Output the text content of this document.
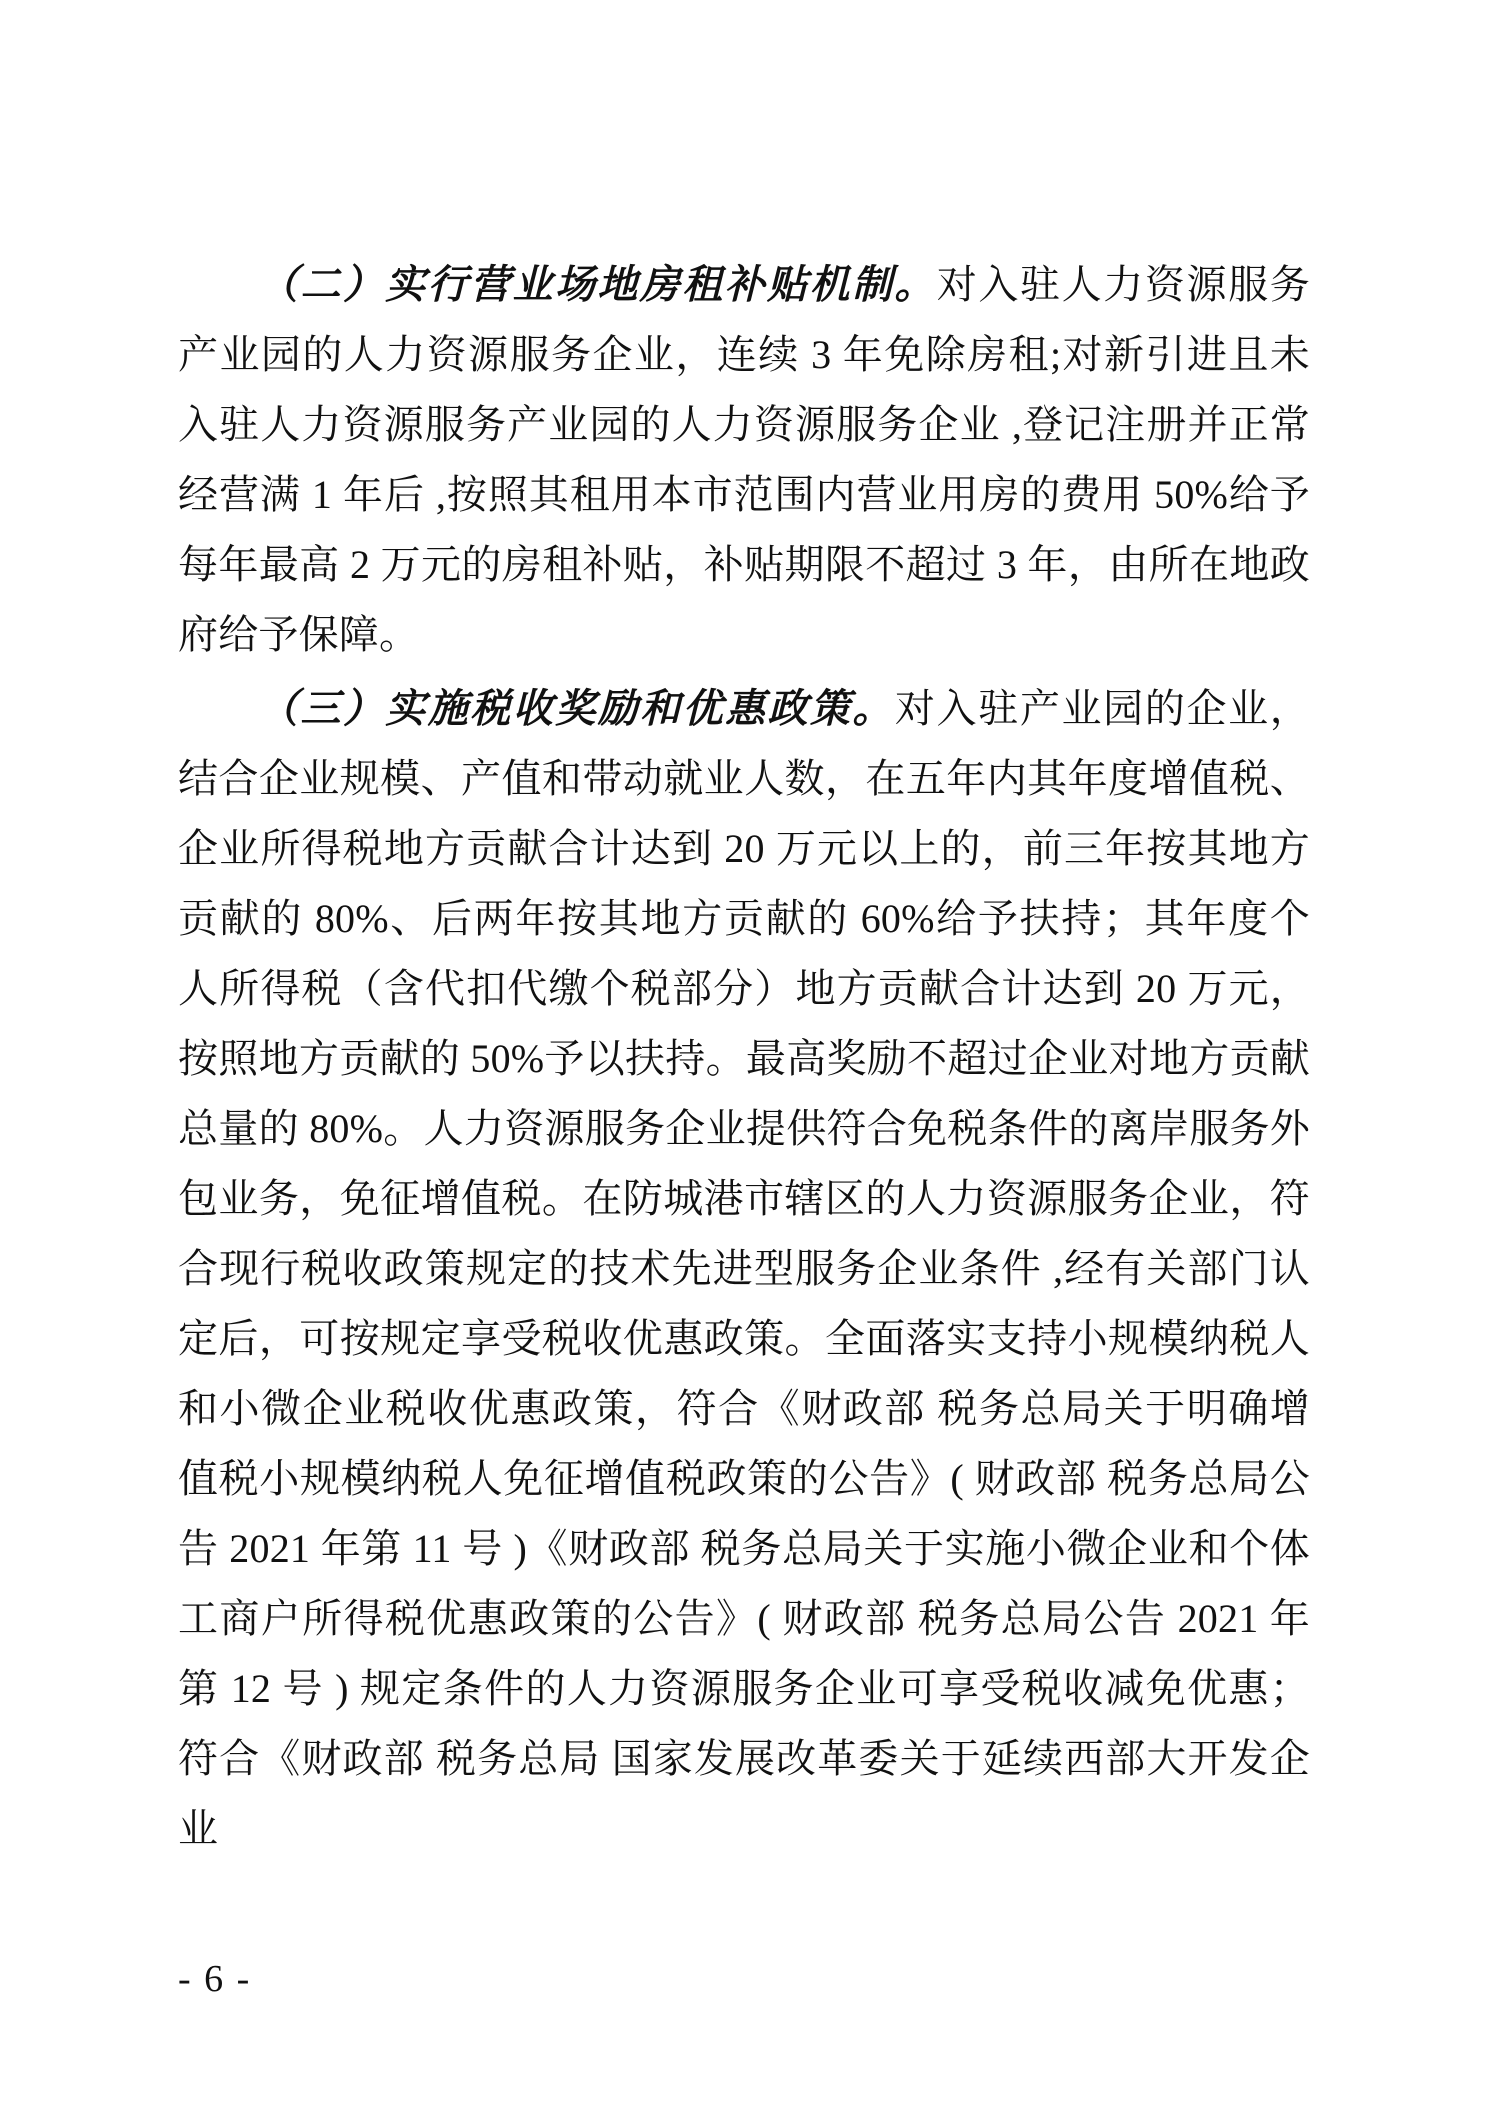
（二）实行营业场地房租补贴机制。对入驻人力资源服务产业园的人力资源服务企业，连续 3 年免除房租;对新引进且未入驻人力资源服务产业园的人力资源服务企业 ,登记注册并正常经营满 1 年后 ,按照其租用本市范围内营业用房的费用 50%给予每年最高 2 万元的房租补贴，补贴期限不超过 3 年，由所在地政府给予保障。

（三）实施税收奖励和优惠政策。对入驻产业园的企业，结合企业规模、产值和带动就业人数，在五年内其年度增值税、企业所得税地方贡献合计达到 20 万元以上的，前三年按其地方贡献的 80%、后两年按其地方贡献的 60%给予扶持；其年度个人所得税（含代扣代缴个税部分）地方贡献合计达到 20 万元，按照地方贡献的 50%予以扶持。最高奖励不超过企业对地方贡献总量的 80%。人力资源服务企业提供符合免税条件的离岸服务外包业务，免征增值税。在防城港市辖区的人力资源服务企业，符合现行税收政策规定的技术先进型服务企业条件 ,经有关部门认定后，可按规定享受税收优惠政策。全面落实支持小规模纳税人和小微企业税收优惠政策，符合《财政部 税务总局关于明确增值税小规模纳税人免征增值税政策的公告》( 财政部 税务总局公告 2021 年第 11 号 )《财政部 税务总局关于实施小微企业和个体工商户所得税优惠政策的公告》( 财政部 税务总局公告 2021 年第 12 号 ) 规定条件的人力资源服务企业可享受税收减免优惠；符合《财政部 税务总局 国家发展改革委关于延续西部大开发企业

- 6 -
